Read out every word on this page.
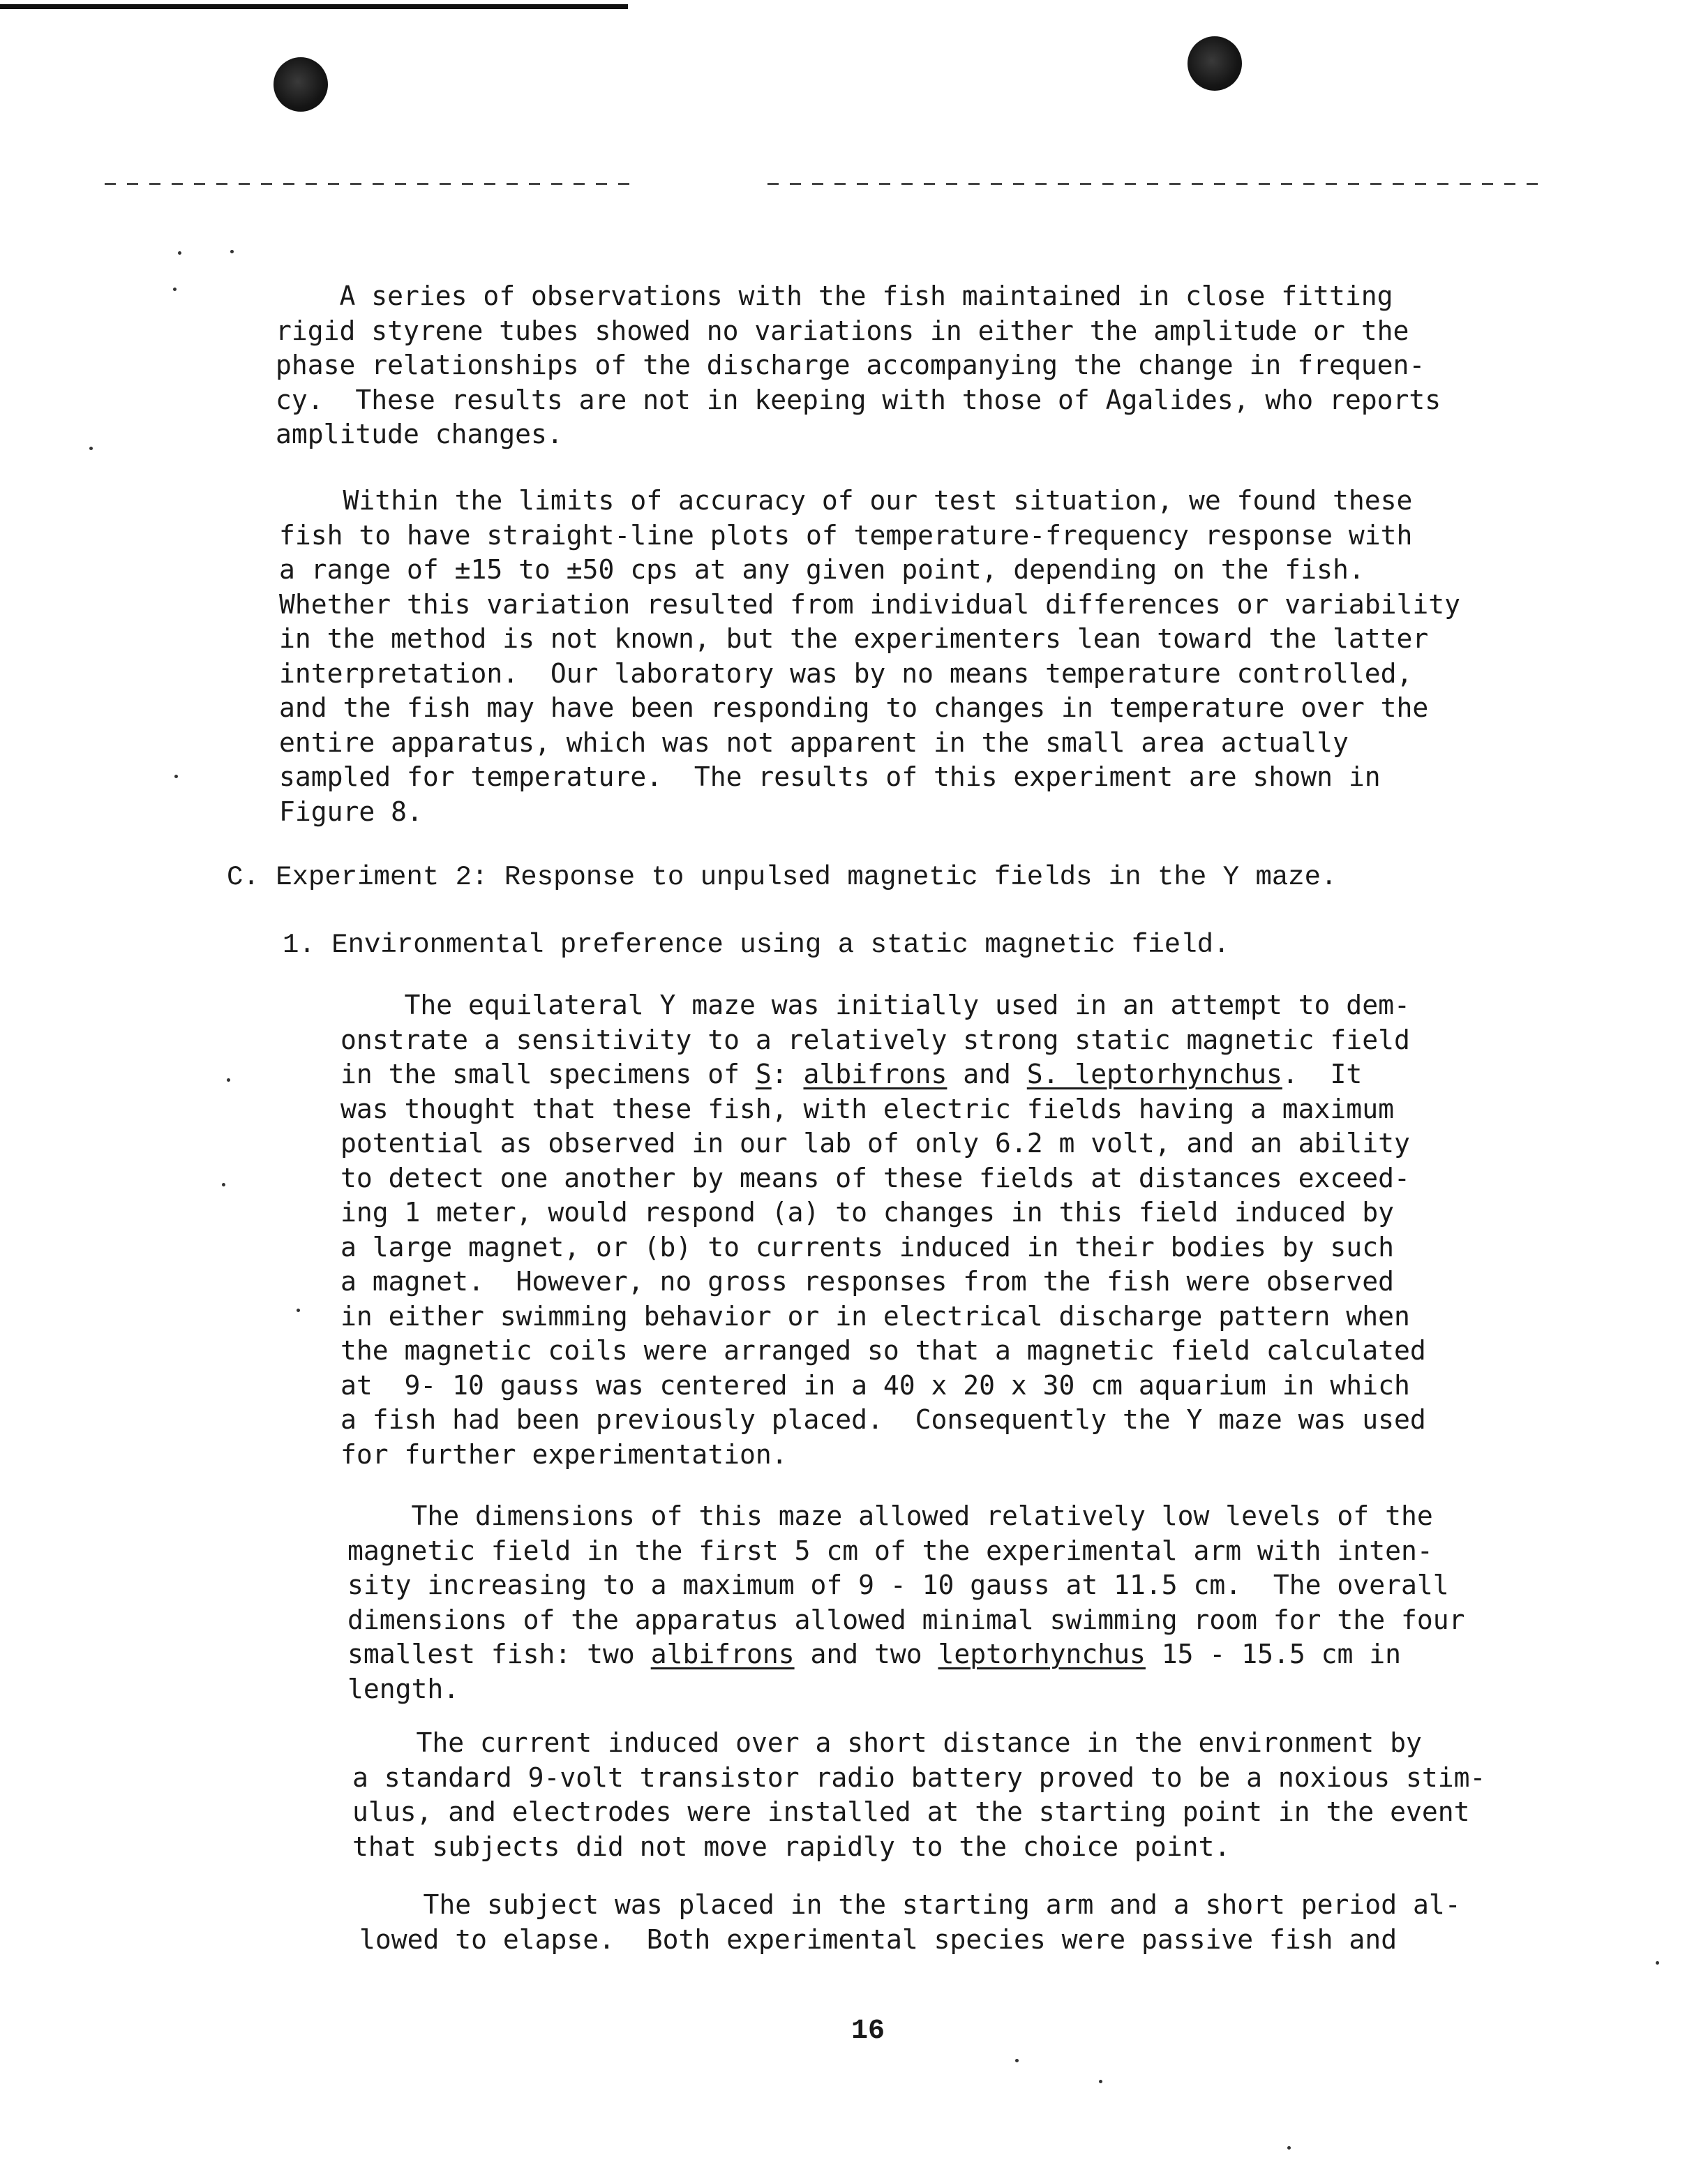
A series of observations with the fish maintained in close fitting
rigid styrene tubes showed no variations in either the amplitude or the
phase relationships of the discharge accompanying the change in frequen-
cy.  These results are not in keeping with those of Agalides, who reports
amplitude changes.
Within the limits of accuracy of our test situation, we found these
fish to have straight-line plots of temperature-frequency response with
a range of ±15 to ±50 cps at any given point, depending on the fish.
Whether this variation resulted from individual differences or variability
in the method is not known, but the experimenters lean toward the latter
interpretation.  Our laboratory was by no means temperature controlled,
and the fish may have been responding to changes in temperature over the
entire apparatus, which was not apparent in the small area actually
sampled for temperature.  The results of this experiment are shown in
Figure 8.
C. Experiment 2: Response to unpulsed magnetic fields in the Y maze.
1. Environmental preference using a static magnetic field.
The equilateral Y maze was initially used in an attempt to dem-
onstrate a sensitivity to a relatively strong static magnetic field
in the small specimens of S: albifrons and S. leptorhynchus.  It
was thought that these fish, with electric fields having a maximum
potential as observed in our lab of only 6.2 m volt, and an ability
to detect one another by means of these fields at distances exceed-
ing 1 meter, would respond (a) to changes in this field induced by
a large magnet, or (b) to currents induced in their bodies by such
a magnet.  However, no gross responses from the fish were observed
in either swimming behavior or in electrical discharge pattern when
the magnetic coils were arranged so that a magnetic field calculated
at  9- 10 gauss was centered in a 40 x 20 x 30 cm aquarium in which
a fish had been previously placed.  Consequently the Y maze was used
for further experimentation.
The dimensions of this maze allowed relatively low levels of the
magnetic field in the first 5 cm of the experimental arm with inten-
sity increasing to a maximum of 9 - 10 gauss at 11.5 cm.  The overall
dimensions of the apparatus allowed minimal swimming room for the four
smallest fish: two albifrons and two leptorhynchus 15 - 15.5 cm in
length.
The current induced over a short distance in the environment by
a standard 9-volt transistor radio battery proved to be a noxious stim-
ulus, and electrodes were installed at the starting point in the event
that subjects did not move rapidly to the choice point.
The subject was placed in the starting arm and a short period al-
lowed to elapse.  Both experimental species were passive fish and
16
